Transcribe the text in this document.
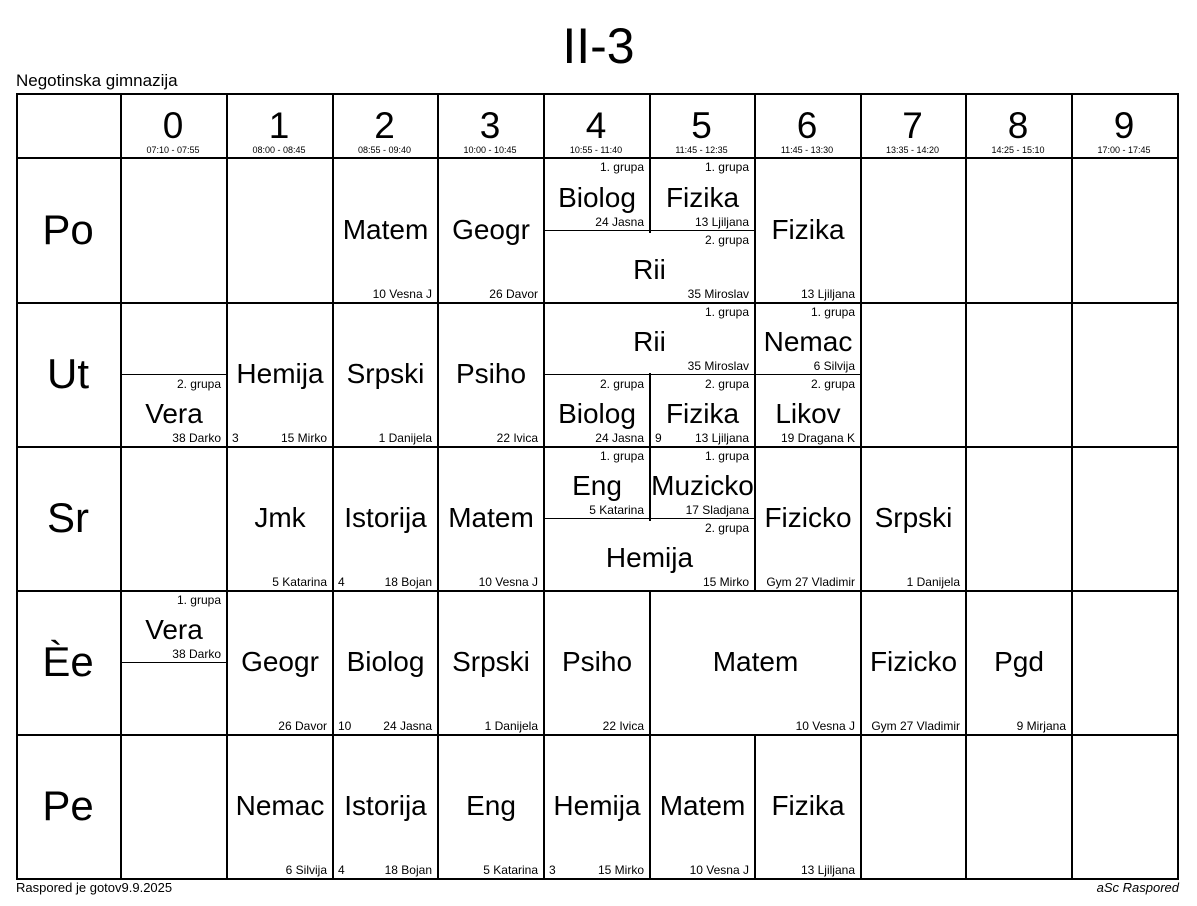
II-3
Negotinska gimnazija
0
07:10 - 07:55
1
08:00 - 08:45
2
08:55 - 09:40
3
10:00 - 10:45
4
10:55 - 11:40
5
11:45 - 12:35
6
11:45 - 13:30
7
13:35 - 14:20
8
14:25 - 15:10
9
17:00 - 17:45
Po
Ut
Sr
Èe
Pe
Matem
10 Vesna J
Geogr
26 Davor
Biolog
1. grupa
24 Jasna
Fizika
1. grupa
13 Ljiljana
Rii
2. grupa
35 Miroslav
Fizika
13 Ljiljana
Vera
2. grupa
38 Darko
Hemija
15 Mirko
3
Srpski
1 Danijela
Psiho
22 Ivica
Rii
1. grupa
35 Miroslav
Nemac
1. grupa
6 Silvija
Biolog
2. grupa
24 Jasna
Fizika
2. grupa
13 Ljiljana
9
Likov
2. grupa
19 Dragana K
Jmk
5 Katarina
Istorija
18 Bojan
4
Matem
10 Vesna J
Eng
1. grupa
5 Katarina
Muzicko
1. grupa
17 Sladjana
Hemija
2. grupa
15 Mirko
Fizicko
Gym 27 Vladimir
Srpski
1 Danijela
Vera
1. grupa
38 Darko Geogr
26 Davor
Biolog
24 Jasna
10
Srpski
1 Danijela
Psiho
22 Ivica
Matem
10 Vesna J
Fizicko
Gym 27 Vladimir
Pgd
9 Mirjana
Nemac
6 Silvija
Istorija
18 Bojan
4
Eng
5 Katarina
Hemija
15 Mirko
3
Matem
10 Vesna J
Fizika
13 Ljiljana
Raspored je gotov9.9.2025	aSc Raspored
